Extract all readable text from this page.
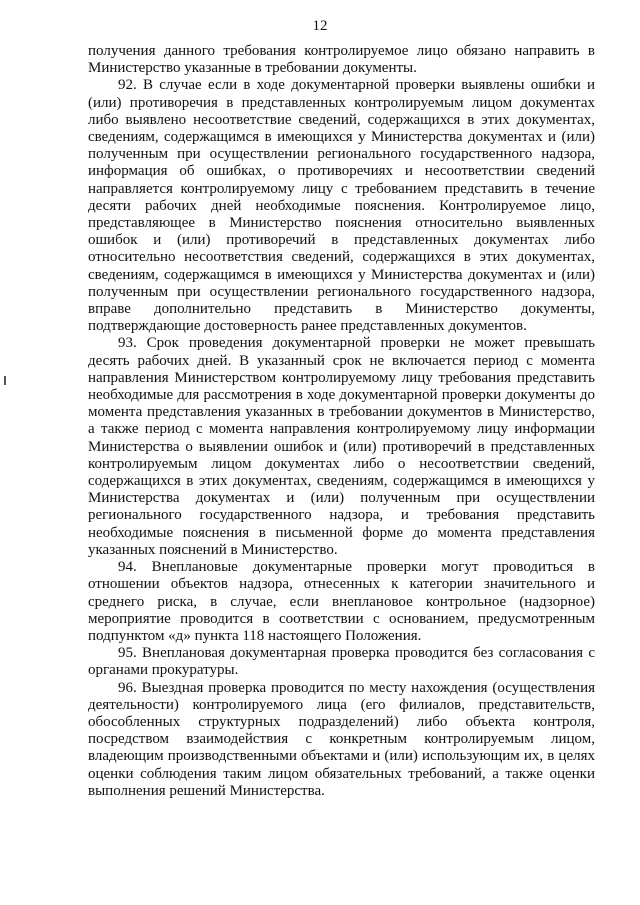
12

получения данного требования контролируемое лицо обязано направить в Министерство указанные в требовании документы.

92. В случае если в ходе документарной проверки выявлены ошибки и (или) противоречия в представленных контролируемым лицом документах либо выявлено несоответствие сведений, содержащихся в этих документах, сведениям, содержащимся в имеющихся у Министерства документах и (или) полученным при осуществлении регионального государственного надзора, информация об ошибках, о противоречиях и несоответствии сведений направляется контролируемому лицу с требованием представить в течение десяти рабочих дней необходимые пояснения. Контролируемое лицо, представляющее в Министерство пояснения относительно выявленных ошибок и (или) противоречий в представленных документах либо относительно несоответствия сведений, содержащихся в этих документах, сведениям, содержащимся в имеющихся у Министерства документах и (или) полученным при осуществлении регионального государственного надзора, вправе дополнительно представить в Министерство документы, подтверждающие достоверность ранее представленных документов.

93. Срок проведения документарной проверки не может превышать десять рабочих дней. В указанный срок не включается период с момента направления Министерством контролируемому лицу требования представить необходимые для рассмотрения в ходе документарной проверки документы до момента представления указанных в требовании документов в Министерство, а также период с момента направления контролируемому лицу информации Министерства о выявлении ошибок и (или) противоречий в представленных контролируемым лицом документах либо о несоответствии сведений, содержащихся в этих документах, сведениям, содержащимся в имеющихся у Министерства документах и (или) полученным при осуществлении регионального государственного надзора, и требования представить необходимые пояснения в письменной форме до момента представления указанных пояснений в Министерство.

94. Внеплановые документарные проверки могут проводиться в отношении объектов надзора, отнесенных к категории значительного и среднего риска, в случае, если внеплановое контрольное (надзорное) мероприятие проводится в соответствии с основанием, предусмотренным подпунктом «д» пункта 118 настоящего Положения.

95. Внеплановая документарная проверка проводится без согласования с органами прокуратуры.

96. Выездная проверка проводится по месту нахождения (осуществления деятельности) контролируемого лица (его филиалов, представительств, обособленных структурных подразделений) либо объекта контроля, посредством взаимодействия с конкретным контролируемым лицом, владеющим производственными объектами и (или) использующим их, в целях оценки соблюдения таким лицом обязательных требований, а также оценки выполнения решений Министерства.
